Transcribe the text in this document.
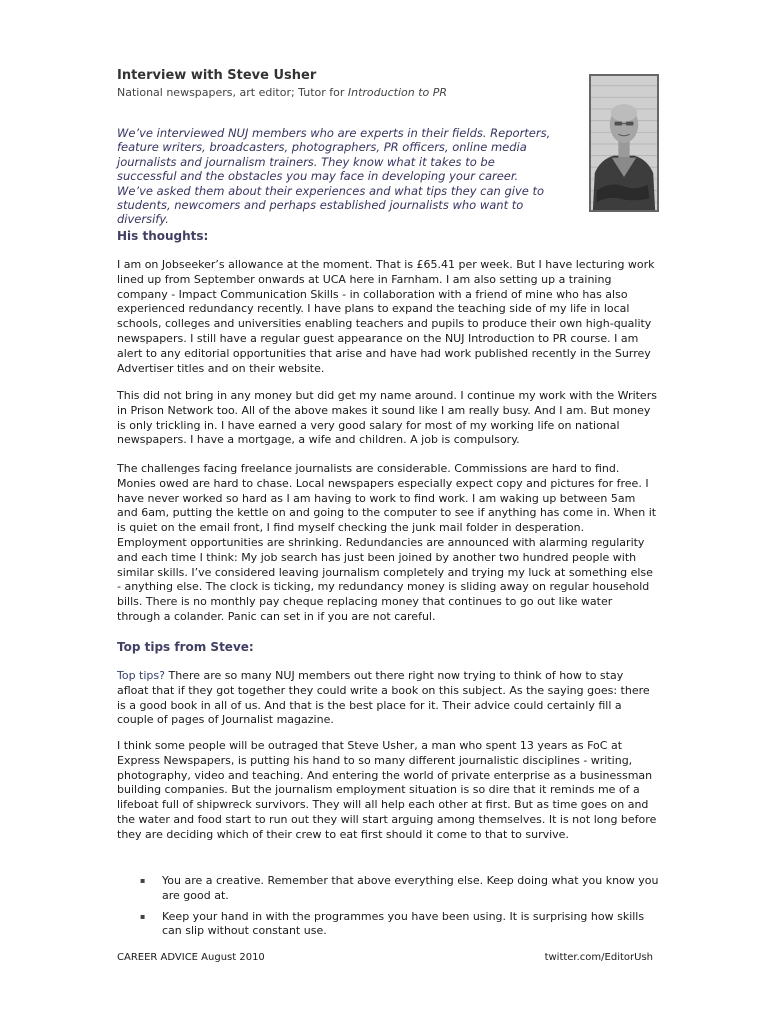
Interview with Steve Usher
National newspapers, art editor; Tutor for Introduction to PR
We’ve interviewed NUJ members who are experts in their fields. Reporters, feature writers, broadcasters, photographers, PR officers, online media journalists and journalism trainers. They know what it takes to be successful and the obstacles you may face in developing your career. We’ve asked them about their experiences and what tips they can give to students, newcomers and perhaps established journalists who want to diversify.
His thoughts:
I am on Jobseeker’s allowance at the moment. That is £65.41 per week. But I have lecturing work lined up from September onwards at UCA here in Farnham. I am also setting up a training company - Impact Communication Skills - in collaboration with a friend of mine who has also experienced redundancy recently. I have plans to expand the teaching side of my life in local schools, colleges and universities enabling teachers and pupils to produce their own high-quality newspapers. I still have a regular guest appearance on the NUJ Introduction to PR course. I am alert to any editorial opportunities that arise and have had work published recently in the Surrey Advertiser titles and on their website.
This did not bring in any money but did get my name around. I continue my work with the Writers in Prison Network too. All of the above makes it sound like I am really busy. And I am. But money is only trickling in. I have earned a very good salary for most of my working life on national newspapers. I have a mortgage, a wife and children. A job is compulsory.
The challenges facing freelance journalists are considerable. Commissions are hard to find. Monies owed are hard to chase. Local newspapers especially expect copy and pictures for free. I have never worked so hard as I am having to work to find work. I am waking up between 5am and 6am, putting the kettle on and going to the computer to see if anything has come in. When it is quiet on the email front, I find myself checking the junk mail folder in desperation. Employment opportunities are shrinking. Redundancies are announced with alarming regularity and each time I think: My job search has just been joined by another two hundred people with similar skills. I’ve considered leaving journalism completely and trying my luck at something else - anything else. The clock is ticking, my redundancy money is sliding away on regular household bills. There is no monthly pay cheque replacing money that continues to go out like water through a colander. Panic can set in if you are not careful.
Top tips from Steve:
Top tips? There are so many NUJ members out there right now trying to think of how to stay afloat that if they got together they could write a book on this subject. As the saying goes: there is a good book in all of us. And that is the best place for it. Their advice could certainly fill a couple of pages of Journalist magazine.
I think some people will be outraged that Steve Usher, a man who spent 13 years as FoC at Express Newspapers, is putting his hand to so many different journalistic disciplines - writing, photography, video and teaching. And entering the world of private enterprise as a businessman building companies. But the journalism employment situation is so dire that it reminds me of a lifeboat full of shipwreck survivors. They will all help each other at first. But as time goes on and the water and food start to run out they will start arguing among themselves. It is not long before they are deciding which of their crew to eat first should it come to that to survive.
▪ You are a creative. Remember that above everything else. Keep doing what you know you are good at.
▪ Keep your hand in with the programmes you have been using. It is surprising how skills can slip without constant use.
CAREER ADVICE August 2010	twitter.com/EditorUsh
